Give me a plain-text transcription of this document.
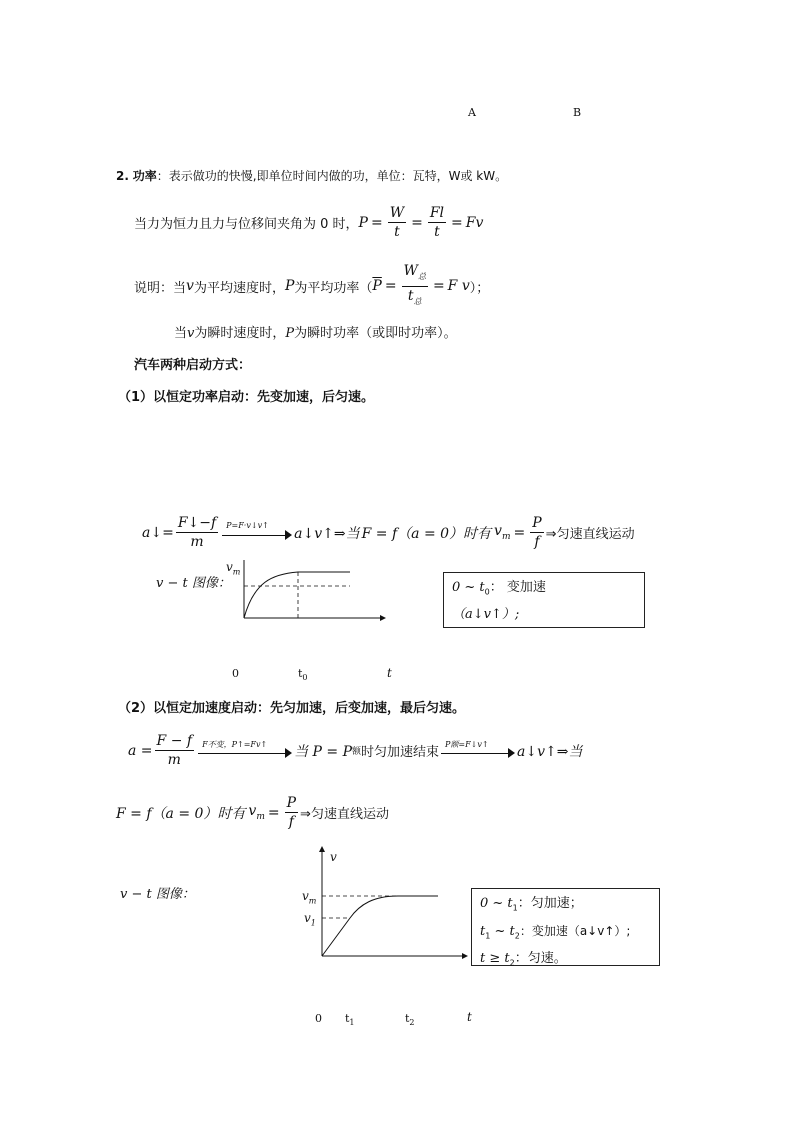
A	B
2. 功率：表示做功的快慢,即单位时间内做的功，单位：瓦特，W或 kW。
当力为恒力且力与位移间夹角为 0 时， $P = \frac{W}{t} = \frac{Fl}{t} = Fv$
说明：当 v 为平均速度时， P 为平均功率（ $\overline{P} = \frac{W_总}{t_总} = F$ v ）；
当v为瞬时速度时，P为瞬时功率（或即时功率）。
汽车两种启动方式：
（1）以恒定功率启动：先变加速，后匀速。
a↓= $\frac{F↓-f}{m}$ P=F·v↓v↑
a↓v↑⇒当 F = f（a = 0）时有 $v_m = \frac{P}{f}$ ⇒匀速直线运动
v − t 图像：
$v_m$
0	$t_0$	t
0 ~ $t_0$： 变加速
（a↓v↑）;
（2）以恒定加速度启动：先匀加速，后变加速，最后匀速。
$a = \frac{F - f}{m}$ F不变，P↑=Fv↑ 当 P = P 额 时匀加速结束
P额=F↓v↑ a↓v↑⇒当
F = f（a = 0）时有 $v_m = \frac{P}{f}$ ⇒匀速直线运动
v − t 图像：
v
$v_m$
$v_1$
0 $t_1$	$t_2$	t
0 ~ $t_1$：匀加速；
$t_1$ ~ $t_2$：变加速（a↓v↑）;
$t \ge t_2$：匀速。
